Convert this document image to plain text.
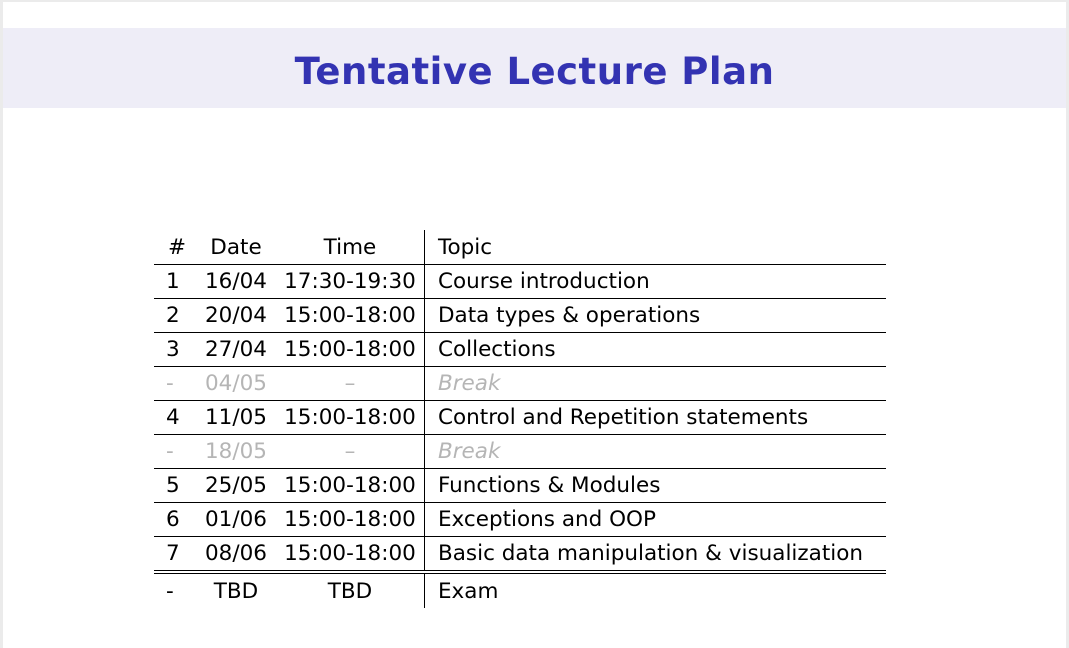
Tentative Lecture Plan
#	Date	Time	Topic
1	16/04	17:30-19:30	Course introduction
2	20/04	15:00-18:00	Data types & operations
3	27/04	15:00-18:00	Collections
-	04/05	–	Break
4	11/05	15:00-18:00	Control and Repetition statements
-	18/05	–	Break
5	25/05	15:00-18:00	Functions & Modules
6	01/06	15:00-18:00	Exceptions and OOP
7	08/06	15:00-18:00	Basic data manipulation & visualization
-	TBD	TBD	Exam
